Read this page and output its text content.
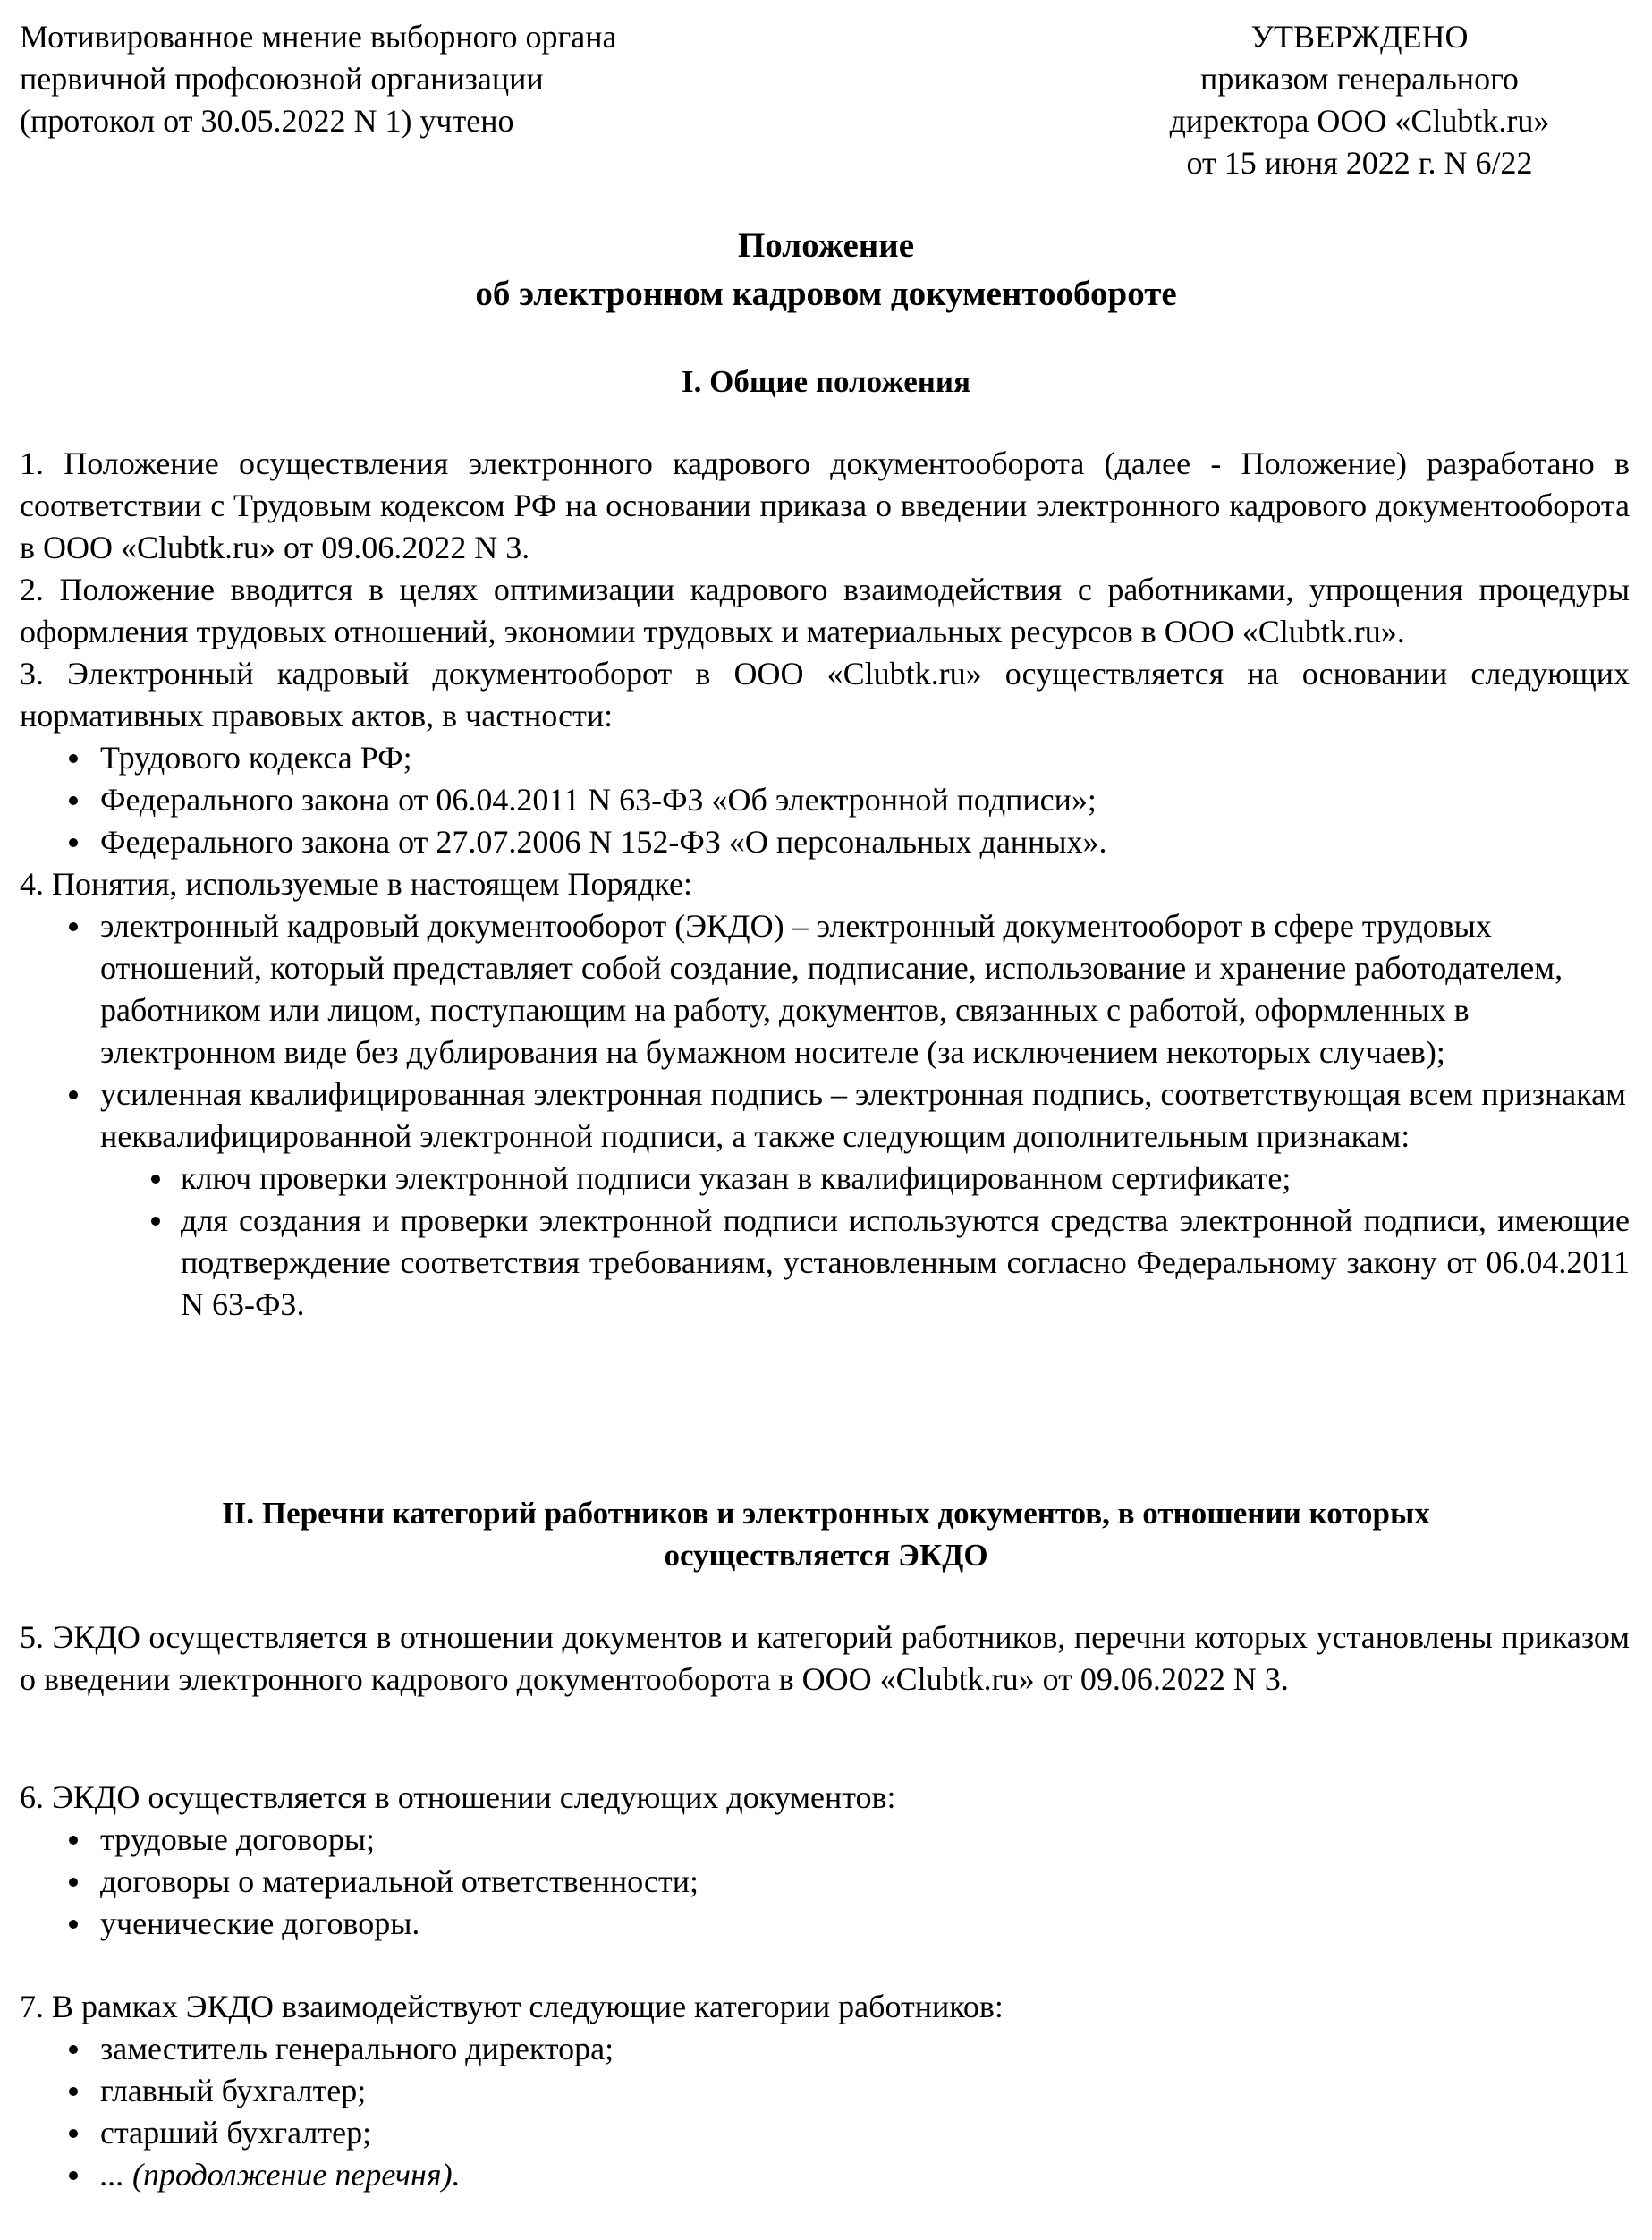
Мотивированное мнение выборного органа
первичной профсоюзной организации
(протокол от 30.05.2022 N 1) учтено
УТВЕРЖДЕНО
приказом генерального
директора ООО «Clubtk.ru»
от 15 июня 2022 г. N 6/22
Положение
об электронном кадровом документообороте
I. Общие положения

1. Положение осуществления электронного кадрового документооборота (далее - Положение) разработано в соответствии с Трудовым кодексом РФ на основании приказа о введении электронного кадрового документооборота в ООО «Clubtk.ru» от 09.06.2022 N 3.

2. Положение вводится в целях оптимизации кадрового взаимодействия с работниками, упрощения процедуры оформления трудовых отношений, экономии трудовых и материальных ресурсов в ООО «Clubtk.ru».

3. Электронный кадровый документооборот в ООО «Clubtk.ru» осуществляется на основании следующих нормативных правовых актов, в частности:

Трудового кодекса РФ;
Федерального закона от 06.04.2011 N 63-ФЗ «Об электронной подписи»;
Федерального закона от 27.07.2006 N 152-ФЗ «О персональных данных».

4. Понятия, используемые в настоящем Порядке:

электронный кадровый документооборот (ЭКДО) – электронный документооборот в сфере трудовых отношений, который представляет собой создание, подписание, использование и хранение работодателем, работником или лицом, поступающим на работу, документов, связанных с работой, оформленных в электронном виде без дублирования на бумажном носителе (за исключением некоторых случаев);
усиленная квалифицированная электронная подпись – электронная подпись, соответствующая всем признакам неквалифицированной электронной подписи, а также следующим дополнительным признакам:
ключ проверки электронной подписи указан в квалифицированном сертификате;
для создания и проверки электронной подписи используются средства электронной подписи, имеющие подтверждение соответствия требованиям, установленным согласно Федеральному закону от 06.04.2011 N 63-ФЗ.
II. Перечни категорий работников и электронных документов, в отношении которых
осуществляется ЭКДО

5. ЭКДО осуществляется в отношении документов и категорий работников, перечни которых установлены приказом о введении электронного кадрового документооборота в ООО «Clubtk.ru» от 09.06.2022 N 3.

6. ЭКДО осуществляется в отношении следующих документов:

трудовые договоры;
договоры о материальной ответственности;
ученические договоры.

7. В рамках ЭКДО взаимодействуют следующие категории работников:

заместитель генерального директора;
главный бухгалтер;
старший бухгалтер;
... (продолжение перечня).
